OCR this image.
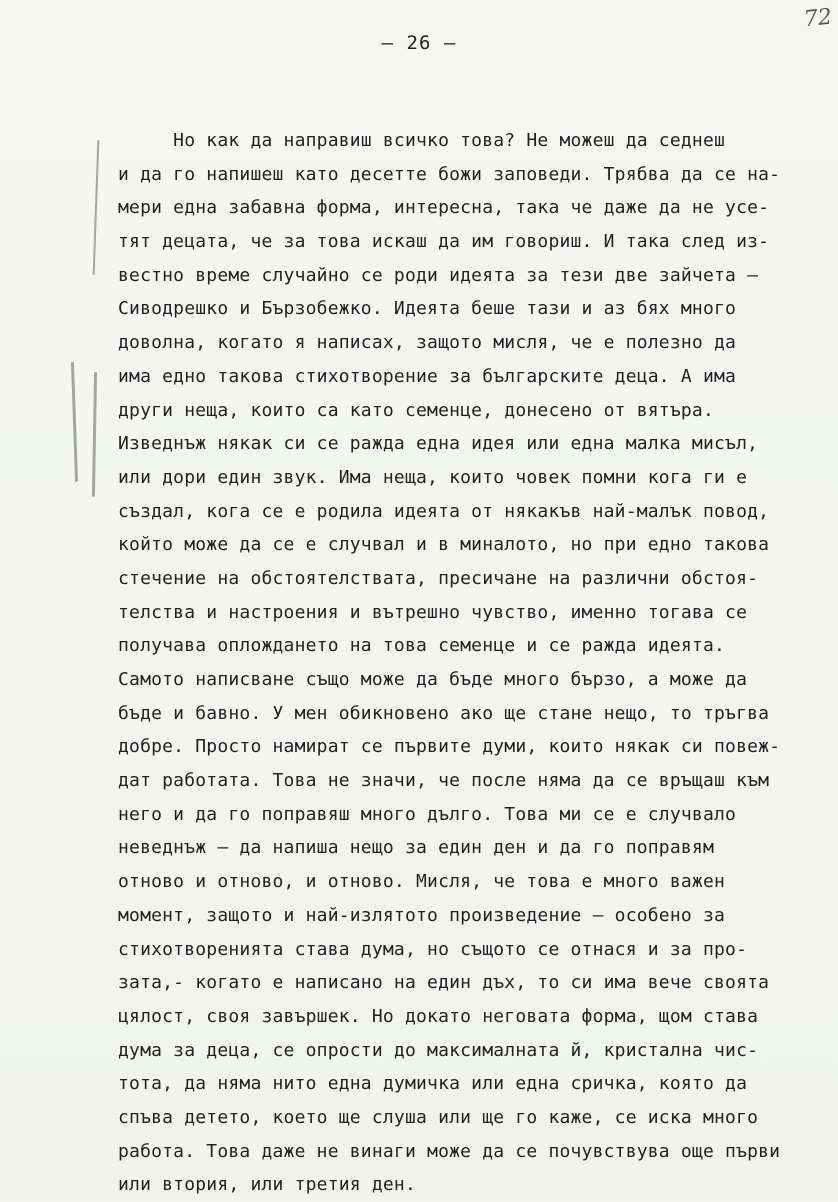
72
– 26 –
Но как да направиш всичко това? Не можеш да седнеш
и да го напишеш като десетте божи заповеди. Трябва да се на-
мери една забавна форма, интересна, така че даже да не усе-
тят децата, че за това искаш да им говориш. И така след из-
вестно време случайно се роди идеята за тези две зайчета –
Сиводрешко и Бързобежко. Идеята беше тази и аз бях много
доволна, когато я написах, защото мисля, че е полезно да
има едно такова стихотворение за българските деца. А има
други неща, които са като семенце, донесено от вятъра.
Изведнъж някак си се ражда една идея или една малка мисъл,
или дори един звук. Има неща, които човек помни кога ги е
създал, кога се е родила идеята от някакъв най-малък повод,
който може да се е случвал и в миналото, но при едно такова
стечение на обстоятелствата, пресичане на различни обстоя-
телства и настроения и вътрешно чувство, именно тогава се
получава оплождането на това семенце и се ражда идеята.
Самото написване също може да бъде много бързо, а може да
бъде и бавно. У мен обикновено ако ще стане нещо, то тръгва
добре. Просто намират се първите думи, които някак си повеж-
дат работата. Това не значи, че после няма да се връщаш към
него и да го поправяш много дълго. Това ми се е случвало
неведнъж – да напиша нещо за един ден и да го поправям
отново и отново, и отново. Мисля, че това е много важен
момент, защото и най-излятото произведение – особено за
стихотворенията става дума, но същото се отнася и за про-
зата,- когато е написано на един дъх, то си има вече своята
цялост, своя завършек. Но докато неговата форма, щом става
дума за деца, се опрости до максималната й, кристална чис-
тота, да няма нито една думичка или една сричка, която да
спъва детето, което ще слуша или ще го каже, се иска много
работа. Това даже не винаги може да се почувствува още първи
или втория, или третия ден.
